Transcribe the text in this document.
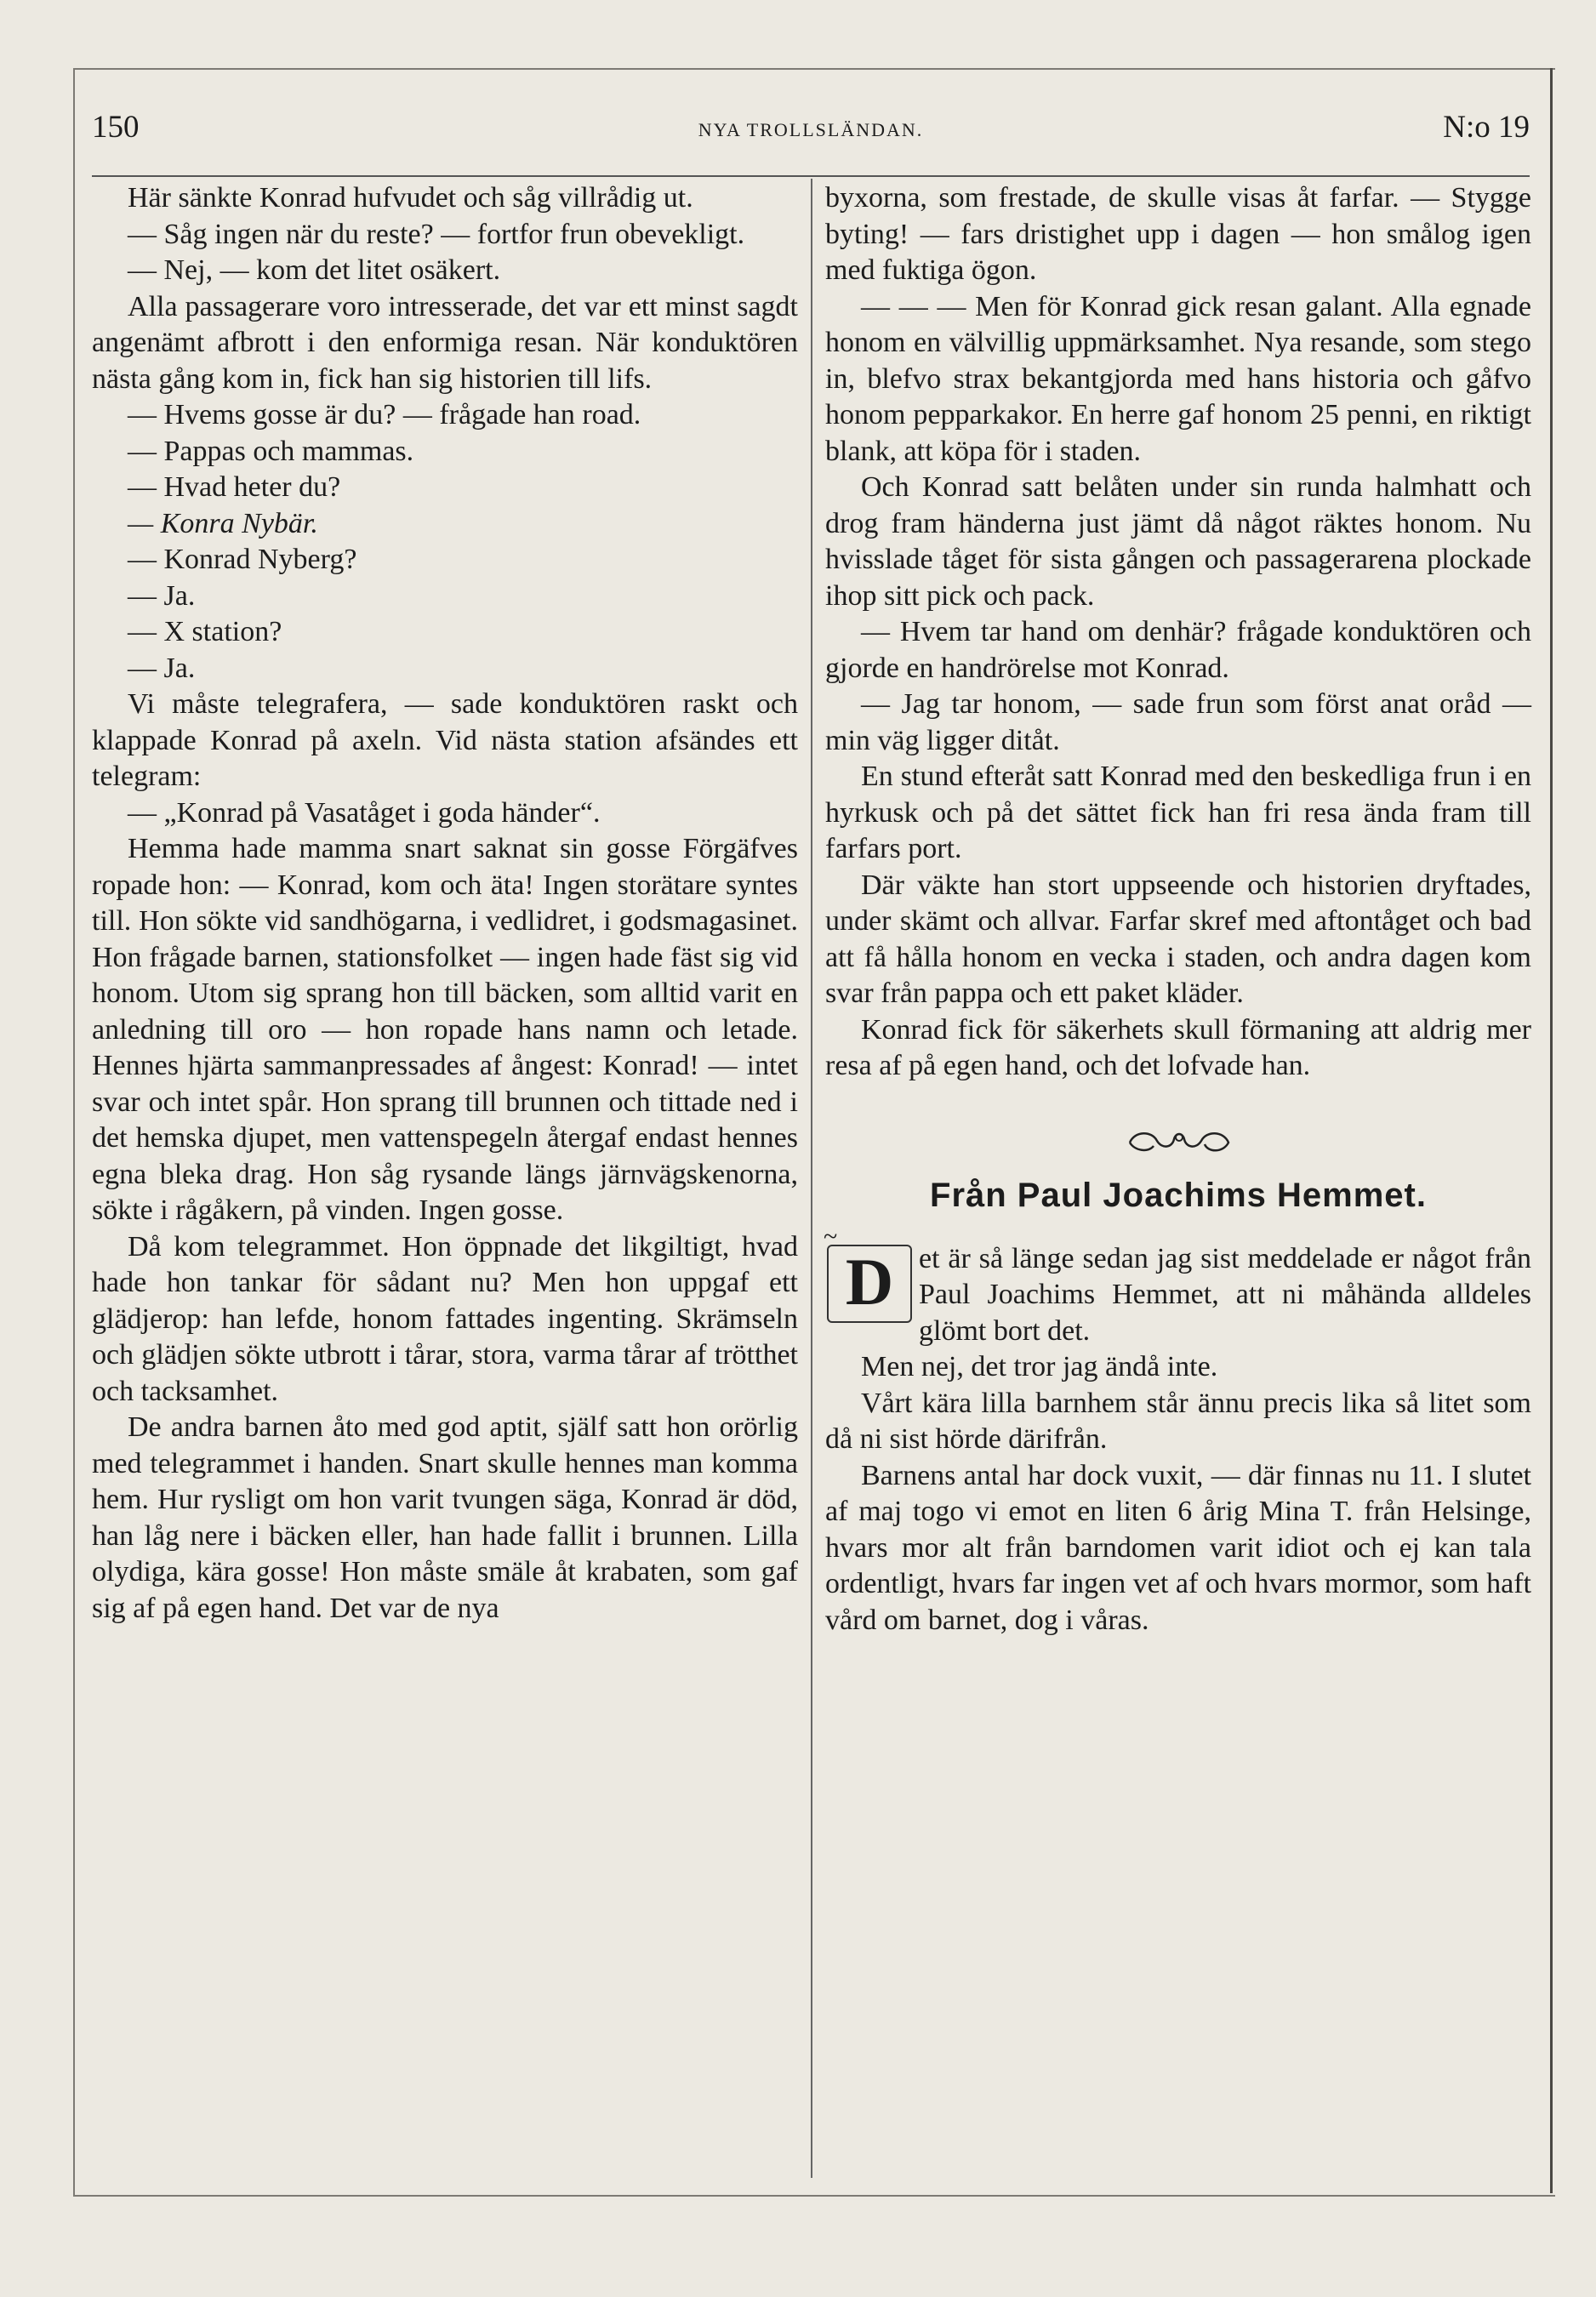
150	NYA TROLLSLÄNDAN.	N:o 19

Här sänkte Konrad hufvudet och såg villrådig ut.

— Såg ingen när du reste? — fortfor frun obevekligt.

— Nej, — kom det litet osäkert.

Alla passagerare voro intresserade, det var ett minst sagdt angenämt afbrott i den enformiga resan. När konduktören nästa gång kom in, fick han sig historien till lifs.

— Hvems gosse är du? — frågade han road.

— Pappas och mammas.

— Hvad heter du?

— Konra Nybär.

— Konrad Nyberg?

— Ja.

— X station?

— Ja.

Vi måste telegrafera, — sade konduktören raskt och klappade Konrad på axeln. Vid nästa station afsändes ett telegram:

— „Konrad på Vasatåget i goda händer“.

Hemma hade mamma snart saknat sin gosse Förgäfves ropade hon: — Konrad, kom och äta! Ingen storätare syntes till. Hon sökte vid sandhögarna, i vedlidret, i godsmagasinet. Hon frågade barnen, stationsfolket — ingen hade fäst sig vid honom. Utom sig sprang hon till bäcken, som alltid varit en anledning till oro — hon ropade hans namn och letade. Hennes hjärta sammanpressades af ångest: Konrad! — intet svar och intet spår. Hon sprang till brunnen och tittade ned i det hemska djupet, men vattenspegeln återgaf endast hennes egna bleka drag. Hon såg rysande längs järnvägskenorna, sökte i rågåkern, på vinden. Ingen gosse.

Då kom telegrammet. Hon öppnade det likgiltigt, hvad hade hon tankar för sådant nu? Men hon uppgaf ett glädjerop: han lefde, honom fattades ingenting. Skrämseln och glädjen sökte utbrott i tårar, stora, varma tårar af trötthet och tacksamhet.

De andra barnen åto med god aptit, själf satt hon orörlig med telegrammet i handen. Snart skulle hennes man komma hem. Hur rysligt om hon varit tvungen säga, Konrad är död, han låg nere i bäcken eller, han hade fallit i brunnen. Lilla olydiga, kära gosse! Hon måste smäle åt krabaten, som gaf sig af på egen hand. Det var de nya

byxorna, som frestade, de skulle visas åt farfar. — Stygge byting! — fars dristighet upp i dagen — hon smålog igen med fuktiga ögon.

— — — Men för Konrad gick resan galant. Alla egnade honom en välvillig uppmärksamhet. Nya resande, som stego in, blefvo strax bekantgjorda med hans historia och gåfvo honom pepparkakor. En herre gaf honom 25 penni, en riktigt blank, att köpa för i staden.

Och Konrad satt belåten under sin runda halmhatt och drog fram händerna just jämt då något räktes honom. Nu hvisslade tåget för sista gången och passagerarena plockade ihop sitt pick och pack.

— Hvem tar hand om denhär? frågade konduktören och gjorde en handrörelse mot Konrad.

— Jag tar honom, — sade frun som först anat oråd — min väg ligger ditåt.

En stund efteråt satt Konrad med den beskedliga frun i en hyrkusk och på det sättet fick han fri resa ända fram till farfars port.

Där väkte han stort uppseende och historien dryftades, under skämt och allvar. Farfar skref med aftontåget och bad att få hålla honom en vecka i staden, och andra dagen kom svar från pappa och ett paket kläder.

Konrad fick för säkerhets skull förmaning att aldrig mer resa af på egen hand, och det lofvade han.

Från Paul Joachims Hemmet.
~
D et är så länge sedan jag sist meddelade er något från Paul Joachims Hemmet, att ni måhända alldeles glömt bort det.

Men nej, det tror jag ändå inte.

Vårt kära lilla barnhem står ännu precis lika så litet som då ni sist hörde därifrån.

Barnens antal har dock vuxit, — där finnas nu 11. I slutet af maj togo vi emot en liten 6 årig Mina T. från Helsinge, hvars mor alt från barndomen varit idiot och ej kan tala ordentligt, hvars far ingen vet af och hvars mormor, som haft vård om barnet, dog i våras.
